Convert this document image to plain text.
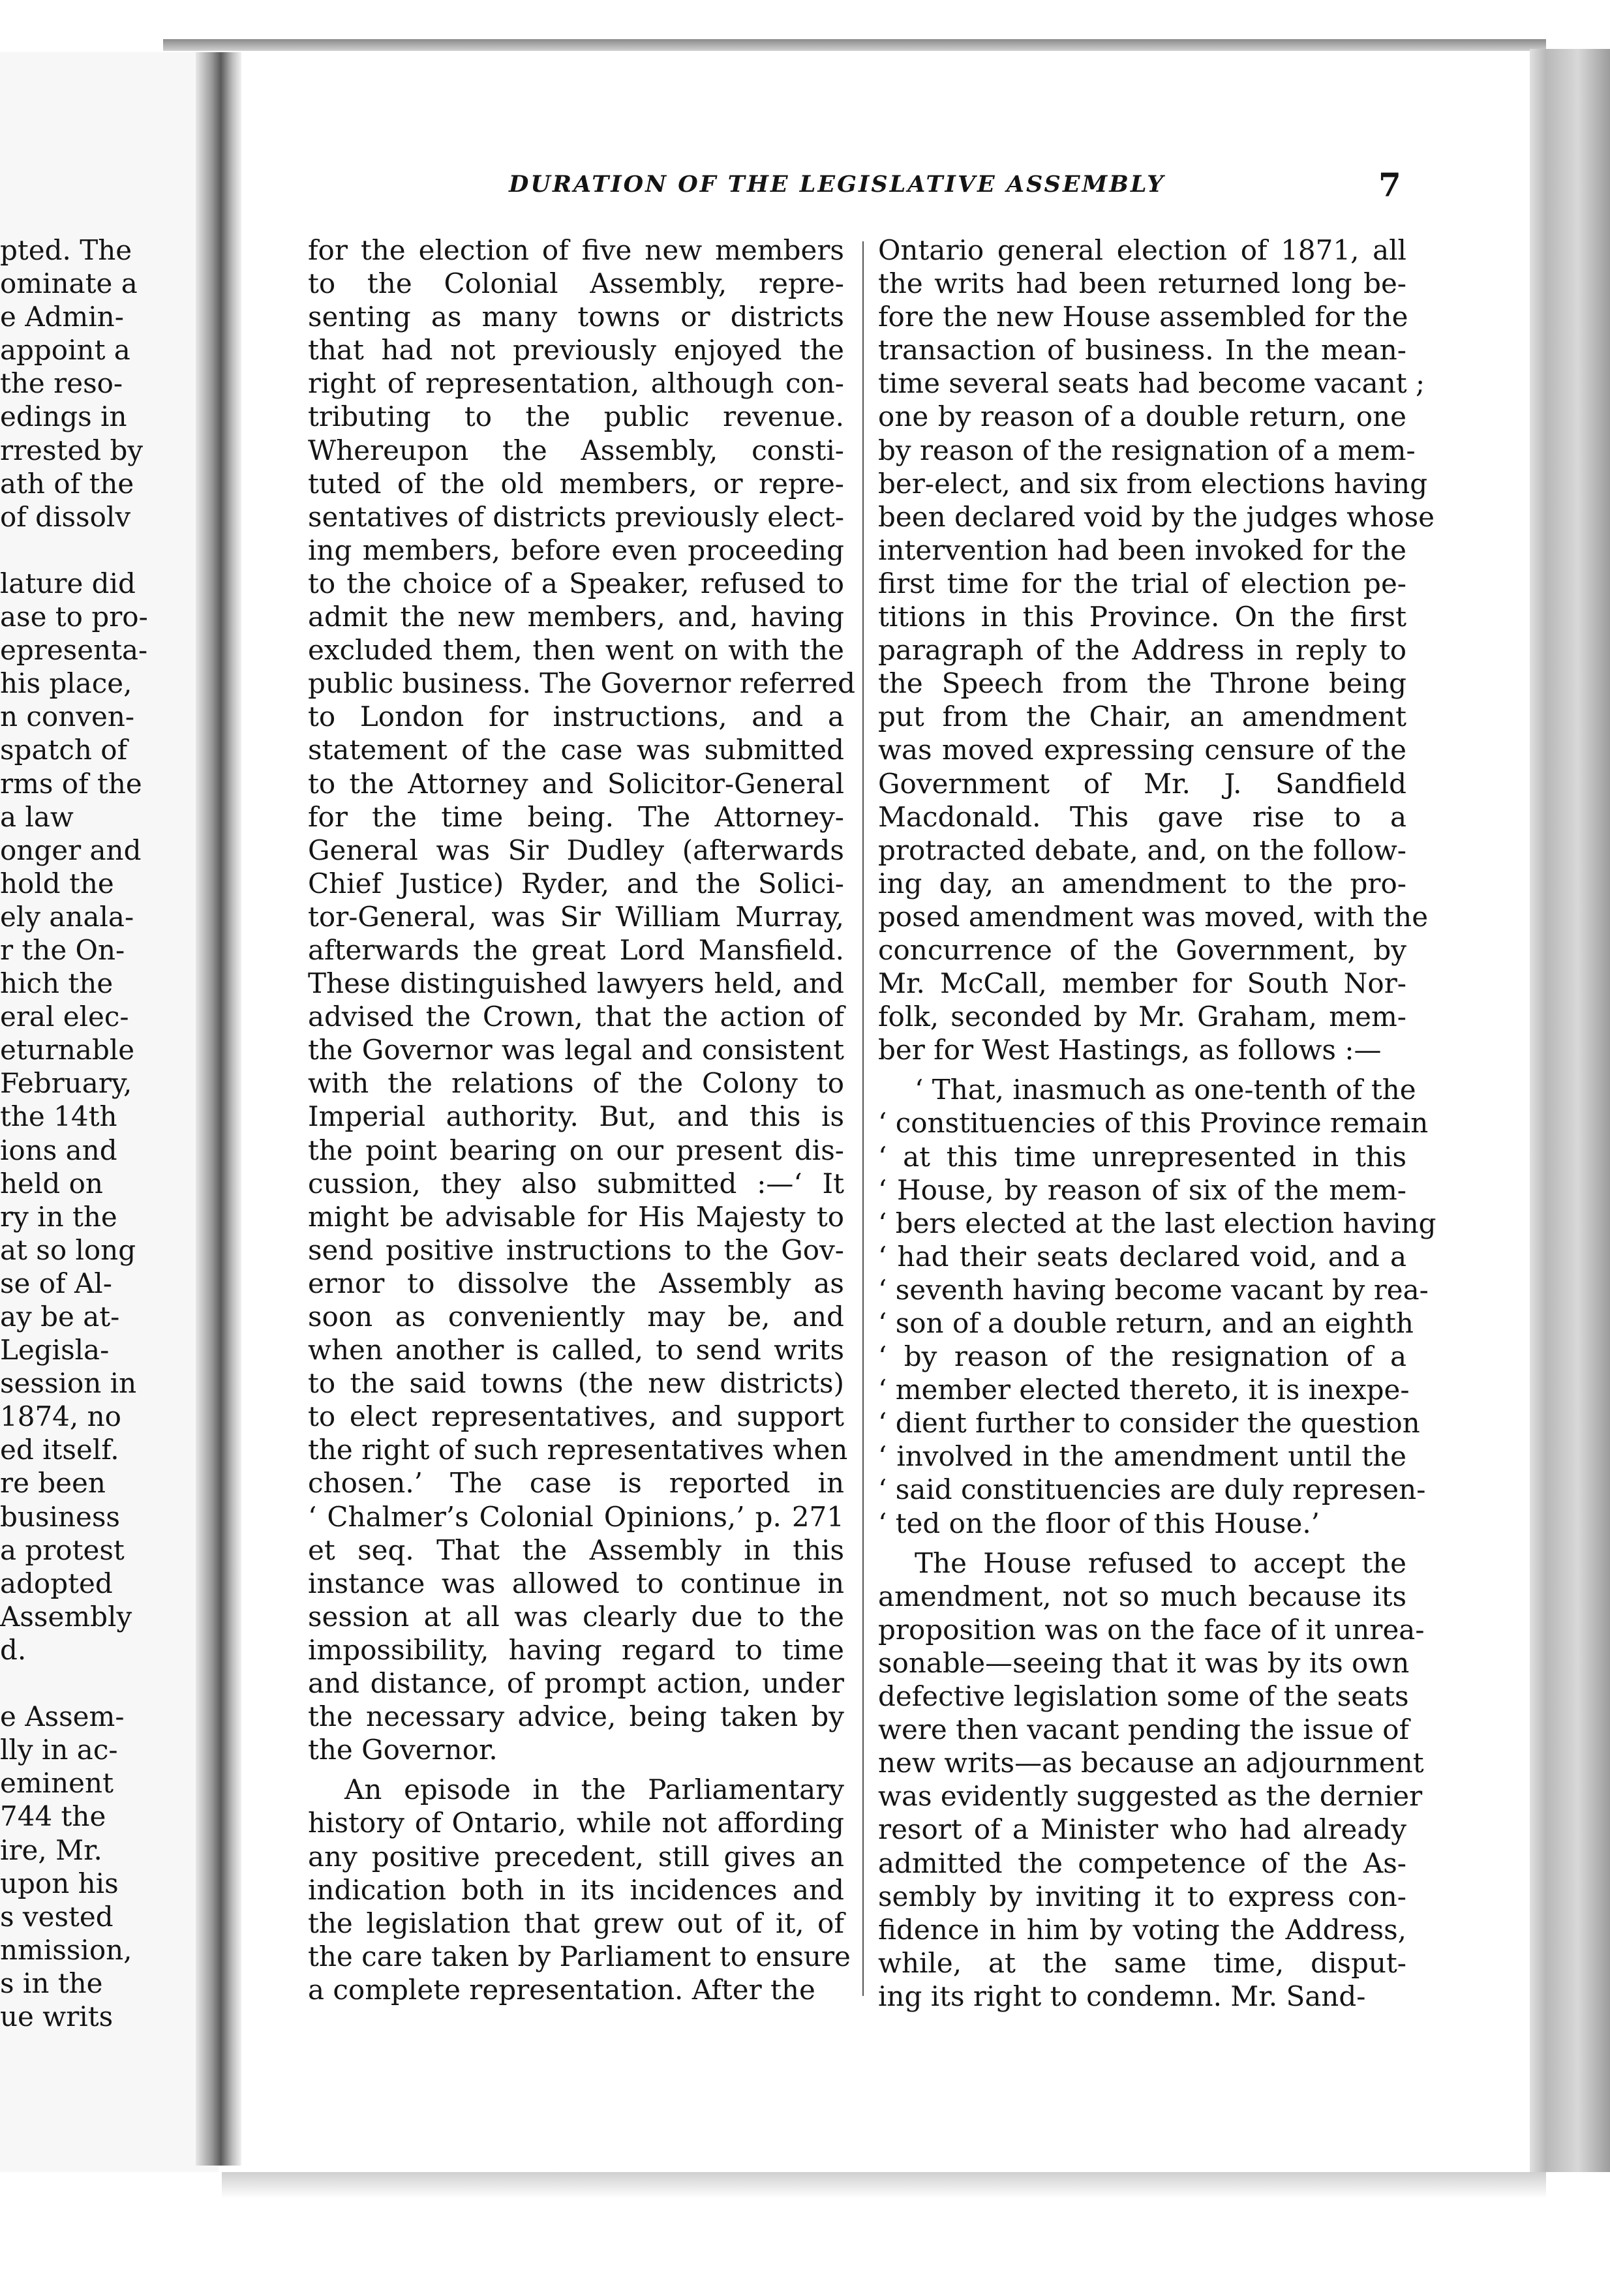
DURATION OF THE LEGISLATIVE ASSEMBLY	7
pted. The
ominate a
e Admin-
appoint a
the reso-
edings in
rrested by
ath of the
of dissolv
lature did
ase to pro-
epresenta-
his place,
n conven-
spatch of
rms of the
a law
onger and
hold the
ely anala-
r the On-
hich the
eral elec-
eturnable
February,
the 14th
ions and
held on
ry in the
at so long
se of Al-
ay be at-
Legisla-
session in
1874, no
ed itself.
re been
business
a protest
adopted
Assembly
d.
e Assem-
lly in ac-
eminent
744 the
ire, Mr.
upon his
s vested
nmission,
s in the
ue writs
for the election of five new members
to the Colonial Assembly, repre-
senting as many towns or districts
that had not previously enjoyed the
right of representation, although con-
tributing to the public revenue.
Whereupon the Assembly, consti-
tuted of the old members, or repre-
sentatives of districts previously elect-
ing members, before even proceeding
to the choice of a Speaker, refused to
admit the new members, and, having
excluded them, then went on with the
public business. The Governor referred
to London for instructions, and a
statement of the case was submitted
to the Attorney and Solicitor-General
for the time being. The Attorney-
General was Sir Dudley (afterwards
Chief Justice) Ryder, and the Solici-
tor-General, was Sir William Murray,
afterwards the great Lord Mansfield.
These distinguished lawyers held, and
advised the Crown, that the action of
the Governor was legal and consistent
with the relations of the Colony to
Imperial authority. But, and this is
the point bearing on our present dis-
cussion, they also submitted :—‘ It
might be advisable for His Majesty to
send positive instructions to the Gov-
ernor to dissolve the Assembly as
soon as conveniently may be, and
when another is called, to send writs
to the said towns (the new districts)
to elect representatives, and support
the right of such representatives when
chosen.’ The case is reported in
‘ Chalmer’s Colonial Opinions,’ p. 271
et seq. That the Assembly in this
instance was allowed to continue in
session at all was clearly due to the
impossibility, having regard to time
and distance, of prompt action, under
the necessary advice, being taken by
the Governor.
An episode in the Parliamentary
history of Ontario, while not affording
any positive precedent, still gives an
indication both in its incidences and
the legislation that grew out of it, of
the care taken by Parliament to ensure
a complete representation. After the
Ontario general election of 1871, all
the writs had been returned long be-
fore the new House assembled for the
transaction of business. In the mean-
time several seats had become vacant ;
one by reason of a double return, one
by reason of the resignation of a mem-
ber-elect, and six from elections having
been declared void by the judges whose
intervention had been invoked for the
first time for the trial of election pe-
titions in this Province. On the first
paragraph of the Address in reply to
the Speech from the Throne being
put from the Chair, an amendment
was moved expressing censure of the
Government of Mr. J. Sandfield
Macdonald. This gave rise to a
protracted debate, and, on the follow-
ing day, an amendment to the pro-
posed amendment was moved, with the
concurrence of the Government, by
Mr. McCall, member for South Nor-
folk, seconded by Mr. Graham, mem-
ber for West Hastings, as follows :—
‘ That, inasmuch as one-tenth of the
‘ constituencies of this Province remain
‘ at this time unrepresented in this
‘ House, by reason of six of the mem-
‘ bers elected at the last election having
‘ had their seats declared void, and a
‘ seventh having become vacant by rea-
‘ son of a double return, and an eighth
‘ by reason of the resignation of a
‘ member elected thereto, it is inexpe-
‘ dient further to consider the question
‘ involved in the amendment until the
‘ said constituencies are duly represen-
‘ ted on the floor of this House.’
The House refused to accept the
amendment, not so much because its
proposition was on the face of it unrea-
sonable—seeing that it was by its own
defective legislation some of the seats
were then vacant pending the issue of
new writs—as because an adjournment
was evidently suggested as the dernier
resort of a Minister who had already
admitted the competence of the As-
sembly by inviting it to express con-
fidence in him by voting the Address,
while, at the same time, disput-
ing its right to condemn. Mr. Sand-
